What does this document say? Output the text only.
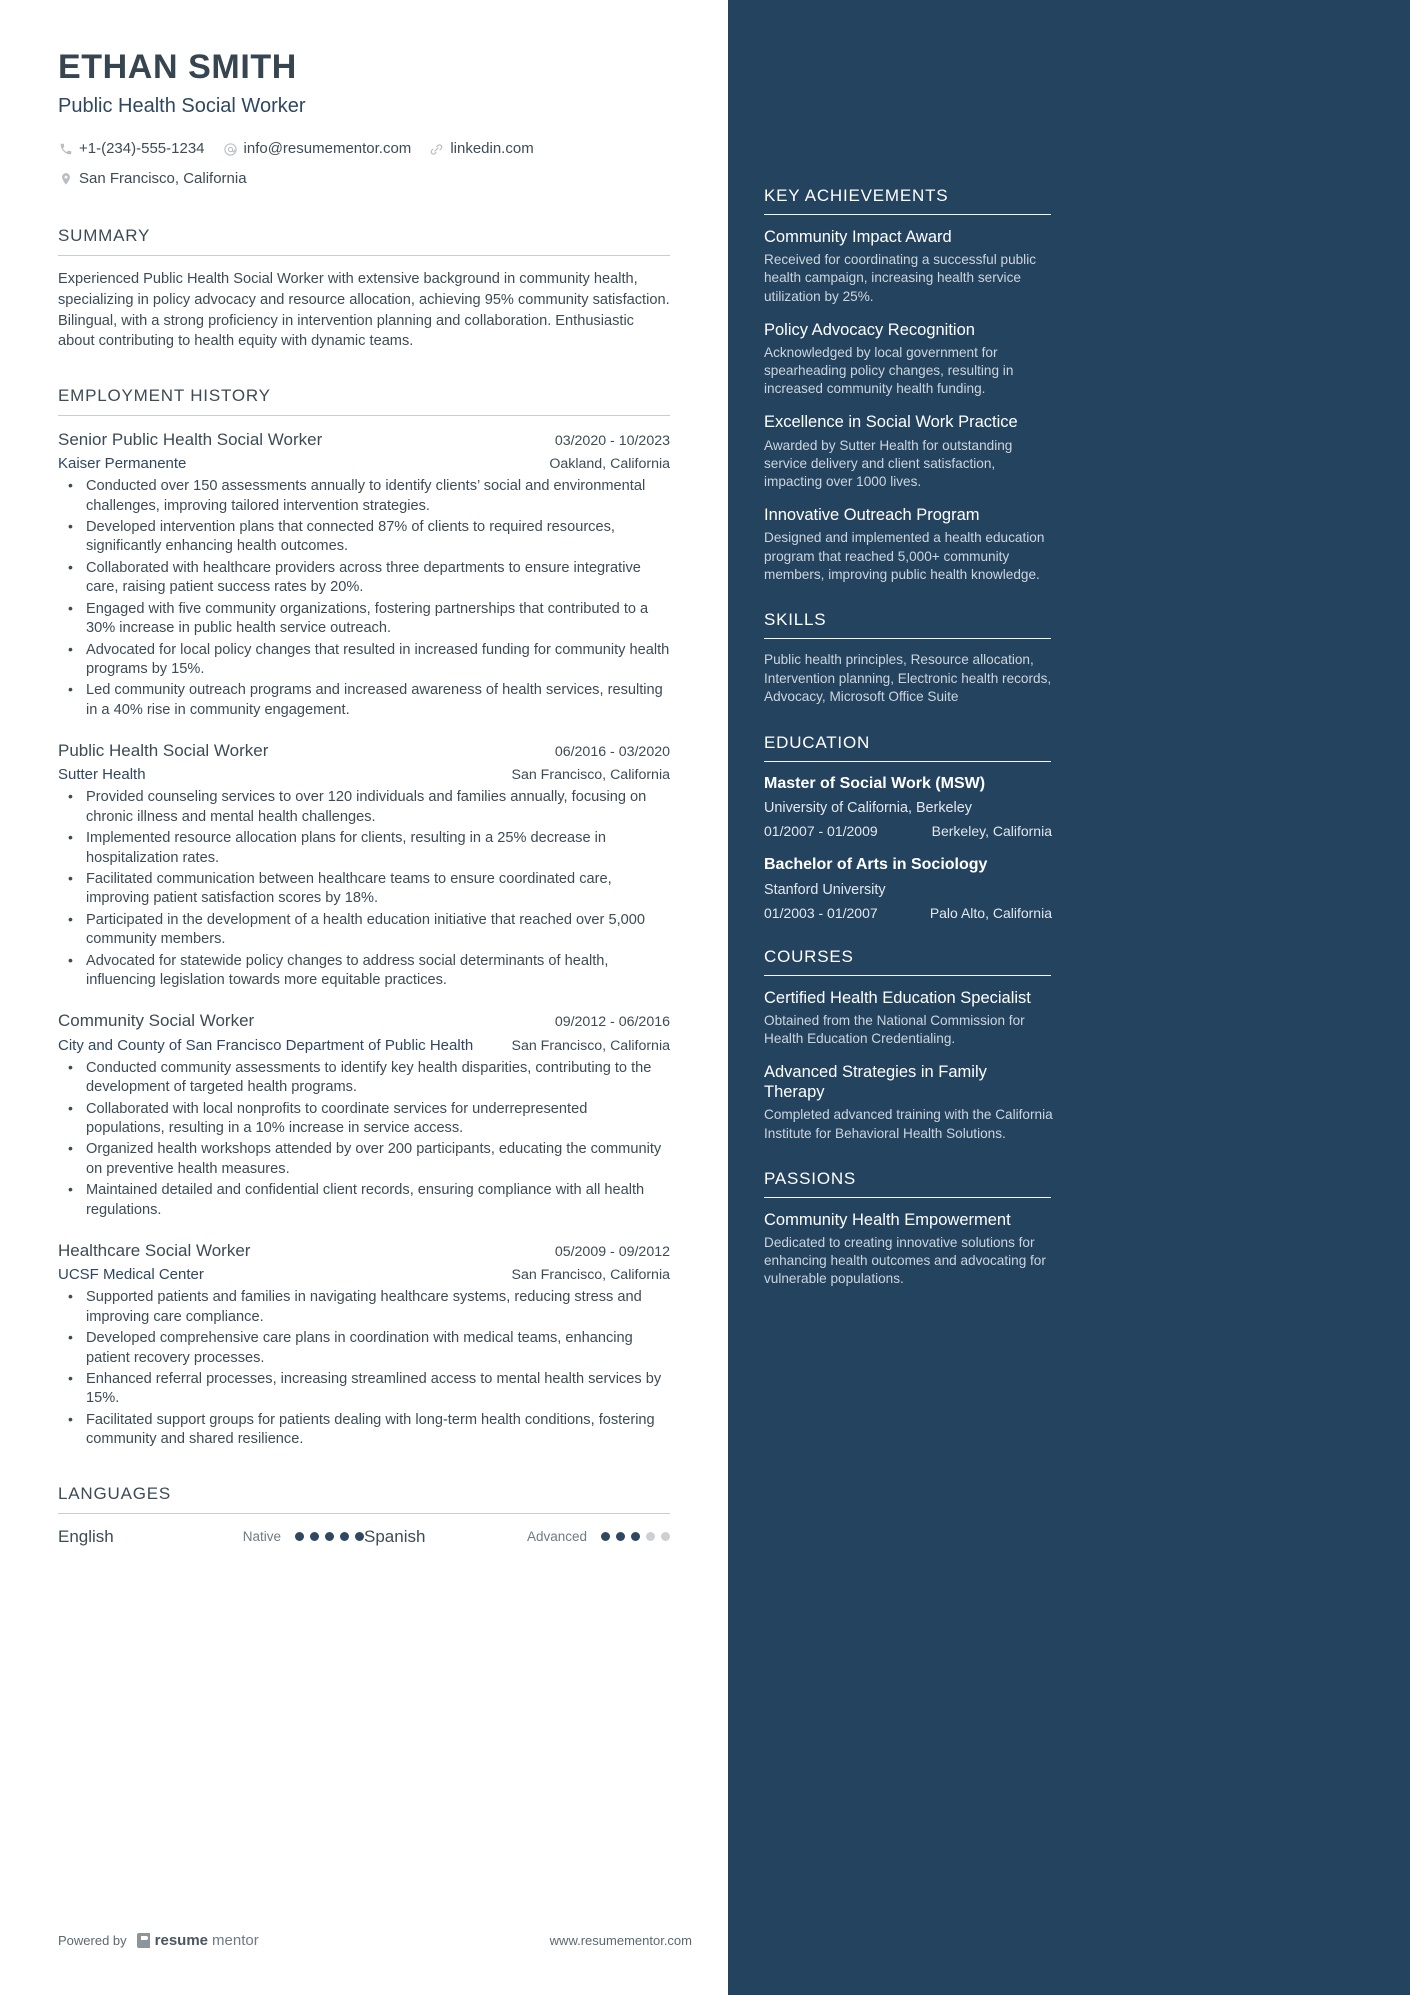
ETHAN SMITH
Public Health Social Worker
+1-(234)-555-1234	info@resumementor.com	linkedin.com
San Francisco, California
SUMMARY
Experienced Public Health Social Worker with extensive background in community health, specializing in policy advocacy and resource allocation, achieving 95% community satisfaction. Bilingual, with a strong proficiency in intervention planning and collaboration. Enthusiastic about contributing to health equity with dynamic teams.
EMPLOYMENT HISTORY
Senior Public Health Social Worker	03/2020 - 10/2023
Kaiser Permanente	Oakland, California
• Conducted over 150 assessments annually to identify clients’ social and environmental challenges, improving tailored intervention strategies.
• Developed intervention plans that connected 87% of clients to required resources, significantly enhancing health outcomes.
• Collaborated with healthcare providers across three departments to ensure integrative care, raising patient success rates by 20%.
• Engaged with five community organizations, fostering partnerships that contributed to a 30% increase in public health service outreach.
• Advocated for local policy changes that resulted in increased funding for community health programs by 15%.
• Led community outreach programs and increased awareness of health services, resulting in a 40% rise in community engagement.
Public Health Social Worker	06/2016 - 03/2020
Sutter Health	San Francisco, California
• Provided counseling services to over 120 individuals and families annually, focusing on chronic illness and mental health challenges.
• Implemented resource allocation plans for clients, resulting in a 25% decrease in hospitalization rates.
• Facilitated communication between healthcare teams to ensure coordinated care, improving patient satisfaction scores by 18%.
• Participated in the development of a health education initiative that reached over 5,000 community members.
• Advocated for statewide policy changes to address social determinants of health, influencing legislation towards more equitable practices.
Community Social Worker	09/2012 - 06/2016
City and County of San Francisco Department of Public Health	San Francisco, California
• Conducted community assessments to identify key health disparities, contributing to the development of targeted health programs.
• Collaborated with local nonprofits to coordinate services for underrepresented populations, resulting in a 10% increase in service access.
• Organized health workshops attended by over 200 participants, educating the community on preventive health measures.
• Maintained detailed and confidential client records, ensuring compliance with all health regulations.
Healthcare Social Worker	05/2009 - 09/2012
UCSF Medical Center	San Francisco, California
• Supported patients and families in navigating healthcare systems, reducing stress and improving care compliance.
• Developed comprehensive care plans in coordination with medical teams, enhancing patient recovery processes.
• Enhanced referral processes, increasing streamlined access to mental health services by 15%.
• Facilitated support groups for patients dealing with long-term health conditions, fostering community and shared resilience.
LANGUAGES
English	Native	Spanish	Advanced
Powered by resume mentor	www.resumementor.com
KEY ACHIEVEMENTS
Community Impact Award
Received for coordinating a successful public health campaign, increasing health service utilization by 25%.
Policy Advocacy Recognition
Acknowledged by local government for spearheading policy changes, resulting in increased community health funding.
Excellence in Social Work Practice
Awarded by Sutter Health for outstanding service delivery and client satisfaction, impacting over 1000 lives.
Innovative Outreach Program
Designed and implemented a health education program that reached 5,000+ community members, improving public health knowledge.
SKILLS
Public health principles, Resource allocation, Intervention planning, Electronic health records, Advocacy, Microsoft Office Suite
EDUCATION
Master of Social Work (MSW)
University of California, Berkeley
01/2007 - 01/2009	Berkeley, California
Bachelor of Arts in Sociology
Stanford University
01/2003 - 01/2007	Palo Alto, California
COURSES
Certified Health Education Specialist
Obtained from the National Commission for Health Education Credentialing.
Advanced Strategies in Family Therapy
Completed advanced training with the California Institute for Behavioral Health Solutions.
PASSIONS
Community Health Empowerment
Dedicated to creating innovative solutions for enhancing health outcomes and advocating for vulnerable populations.
